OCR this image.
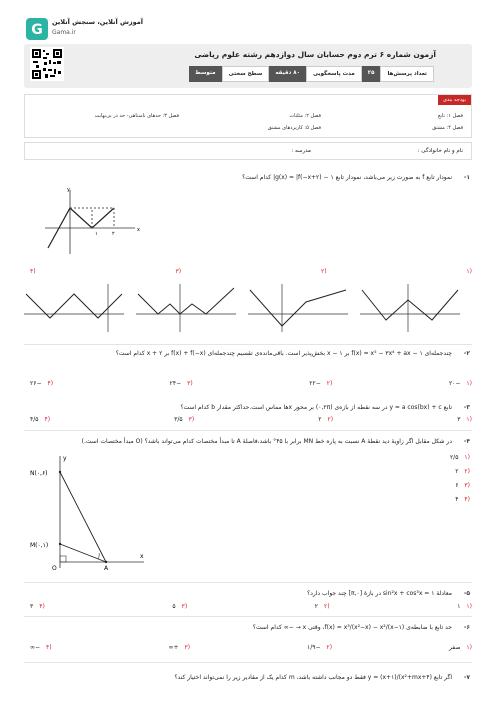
G آموزش آنلاین، سنجش آنلاین
Gama.ir
آزمون شماره ۶ ترم دوم حسابان سال دوازدهم رشته علوم ریاضی
تعداد پرسش‌ها
۲۵
مدت پاسخگویی
۸۰ دقیقه
سطح سختی
متوسط
بودجه بندی
فصل ۱: تابع
فصل ۲: مثلثات
فصل ۳: حدهای نامتناهی- حد در بی‌نهایت
فصل ۴: مشتق
فصل ۵: کاربردهای مشتق
نام و نام خانوادگی :
مدرسه :
-۱
نمودار تابع f به صورت زیر می‌باشد، نمودار تابع g(x) = |f(−x+۲) − ۱| کدام است؟
x
y
۱	۲
(۱
(۲
(۳
(۴
-۲
چندجمله‌ای f(x) = x⁵ − ۳x⁴ + ax − ۱ بر x − ۱ بخش‌پذیر است. باقی‌مانده‌ی تقسیم چندجمله‌ای f(x) + f(−x) بر x + ۲ کدام است؟
(۱
−۲۰
(۲
−۲۲
(۳
−۲۴
(۴
−۲۶
-۳
تابع y = a cos(bx) + c در سه نقطه از بازه‌ی (۰,۲π) بر محور xها مماس است.حداکثر مقدار b کدام است؟
(۱
۳
(۲
۲
(۳
۳/۵
(۴
۴/۵
-۴
در شکل مقابل اگر زاویهٔ دید نقطهٔ A نسبت به پاره خط MN برابر با ۴۵° باشد،فاصلهٔ A تا مبدأ مختصات کدام می‌تواند باشد؟ (O مبدأ مختصات است.)
(۱
۲/۵
(۲
۲
(۳
۶
(۴
۴
N(۰,۶)
M(۰,۱)
O	A
x
y
-۵
معادلهٔ sin²x + cos³x = ۱ در بازهٔ [۰,π] چند جواب دارد؟
(۱
۱
(۲
۲
(۳
۵
(۴
۳
-۶
حد تابع با ضابطه‌ی f(x) = x³/(x²−x) − x²/(x−۱)، وقتی x → −∞ کدام است؟
(۱
صفر
(۲
−۱/۹
(۳
+∞
(۴
−∞
-۷
اگر تابع y = (x+۱)/(x²+mx+۴) فقط دو مجانب داشته باشد، m کدام یک از مقادیر زیر را نمی‌تواند اختیار کند؟
